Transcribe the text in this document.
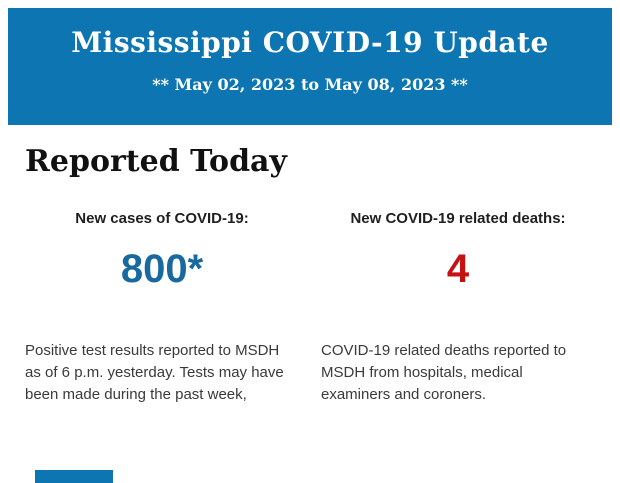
Mississippi COVID-19 Update
** May 02, 2023 to May 08, 2023 **
Reported Today
New cases of COVID-19:
800*

Positive test results reported to MSDH as of 6 p.m. yesterday. Tests may have been made during the past week,

New COVID-19 related deaths:
4

COVID-19 related deaths reported to MSDH from hospitals, medical examiners and coroners.
